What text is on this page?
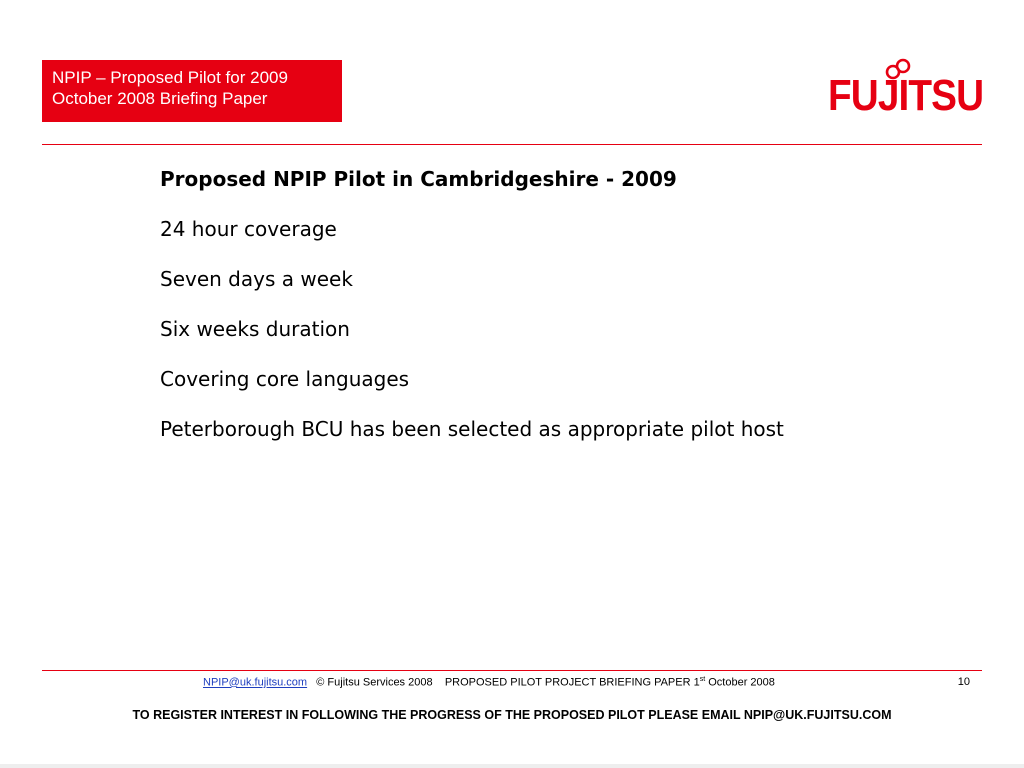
NPIP – Proposed Pilot for 2009
October 2008 Briefing Paper	FUJITSU
Proposed NPIP Pilot in Cambridgeshire - 2009
24 hour coverage
Seven days a week
Six weeks duration
Covering core languages
Peterborough BCU has been selected as appropriate pilot host
NPIP@uk.fujitsu.com © Fujitsu Services 2008 PROPOSED PILOT PROJECT BRIEFING PAPER 1st October 2008	10
TO REGISTER INTEREST IN FOLLOWING THE PROGRESS OF THE PROPOSED PILOT PLEASE EMAIL NPIP@UK.FUJITSU.COM
